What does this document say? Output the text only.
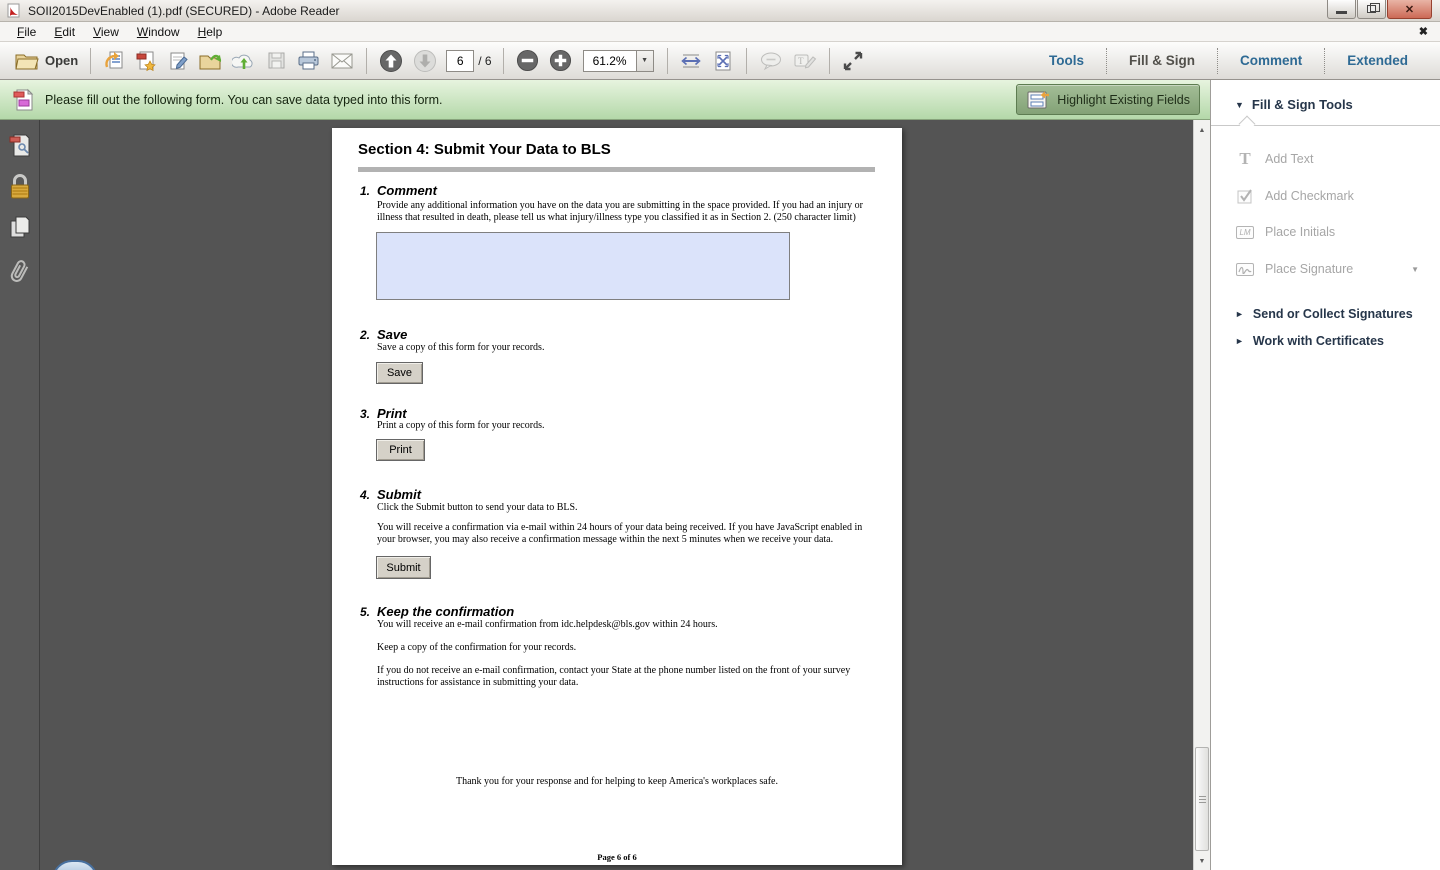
SOII2015DevEnabled (1).pdf (SECURED) - Adobe Reader	✕
File	Edit	View	Window	Help	✖
Open
6	/ 6	61.2%	▼	T	Tools	Fill & Sign	Comment	Extended
Please fill out the following form. You can save data typed into this form.	Highlight Existing Fields
Section 4: Submit Your Data to BLS
1. Comment
Provide any additional information you have on the data you are submitting in the space provided. If you had an injury or illness that resulted in death, please tell us what injury/illness type you classified it as in Section 2. (250 character limit)
2. Save
Save a copy of this form for your records.
Save
3. Print
Print a copy of this form for your records.
Print
4. Submit
Click the Submit button to send your data to BLS.
You will receive a confirmation via e-mail within 24 hours of your data being received. If you have JavaScript enabled in your browser, you may also receive a confirmation message within the next 5 minutes when we receive your data.
Submit
5. Keep the confirmation
You will receive an e-mail confirmation from idc.helpdesk@bls.gov within 24 hours.
Keep a copy of the confirmation for your records.
If you do not receive an e-mail confirmation, contact your State at the phone number listed on the front of your survey instructions for assistance in submitting your data.
Thank you for your response and for helping to keep America's workplaces safe.
Page 6 of 6
▲
▼
▼ Fill & Sign Tools
T	Add Text
Add Checkmark
LM Place Initials
Place Signature	▼
► Send or Collect Signatures
► Work with Certificates
